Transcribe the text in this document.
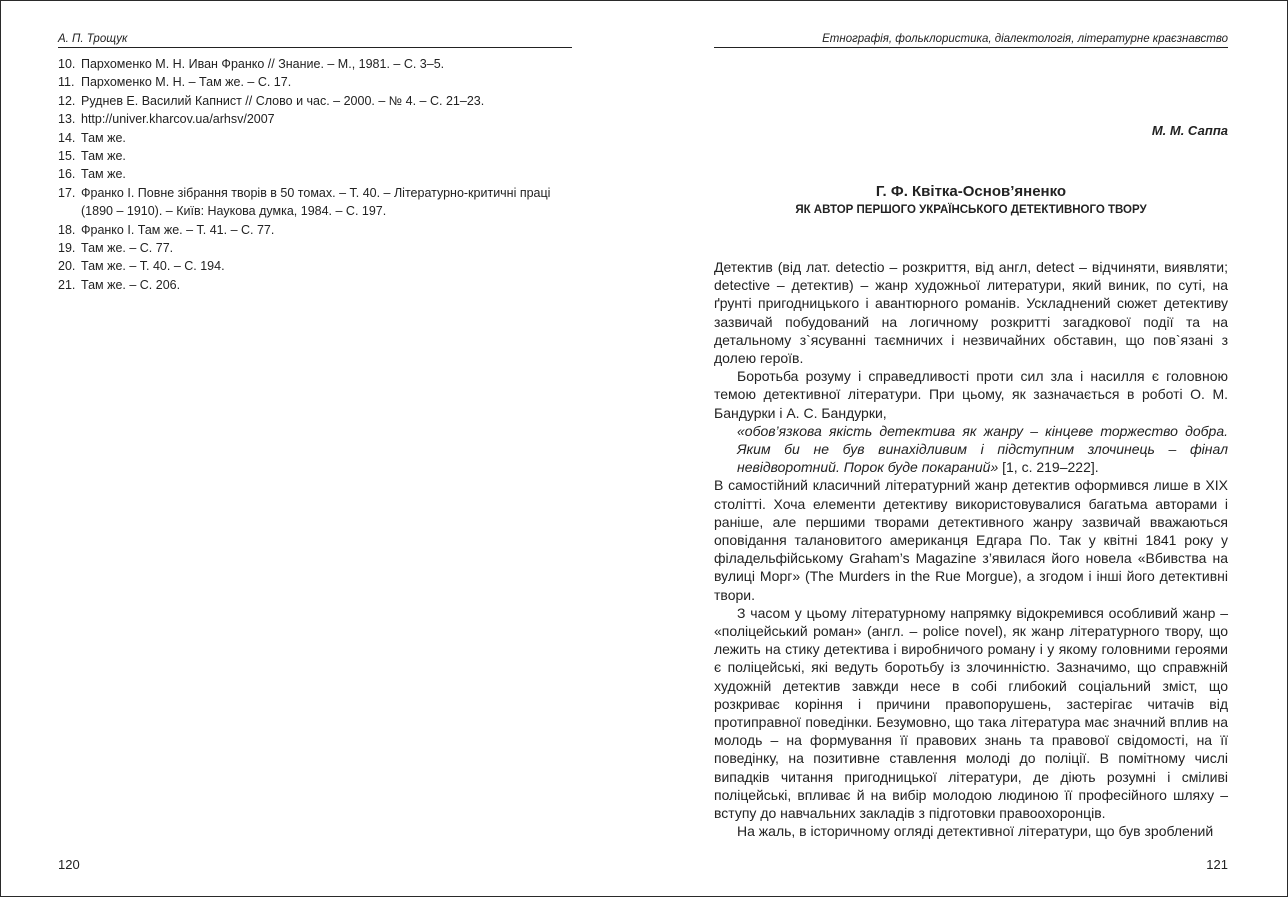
А. П. Трощук	Етнографія, фольклористика, діалектологія, літературне краєзнавство
10. Пархоменко М. Н. Иван Франко // Знание. – М., 1981. – С. 3–5.
11. Пархоменко М. Н. – Там же. – С. 17.
12. Руднев Е. Василий Капнист // Слово и час. – 2000. – № 4. – С. 21–23.
13. http://univer.kharcov.ua/arhsv/2007
14. Там же.
15. Там же.
16. Там же.
17. Франко І. Повне зібрання творів в 50 томах. – Т. 40. – Літературно-критичні праці (1890 – 1910). – Київ: Наукова думка, 1984. – С. 197.
18. Франко І. Там же. – Т. 41. – С. 77.
19. Там же. – С. 77.
20. Там же. – Т. 40. – С. 194.
21. Там же. – С. 206.
120	121
М. М. Саппа
Г. Ф. Квітка-Основ’яненко
ЯК АВТОР ПЕРШОГО УКРАЇНСЬКОГО ДЕТЕКТИВНОГО ТВОРУ

Детектив (від лат. detectio – розкриття, від англ, detect – відчиняти, виявляти; detective – детектив) – жанр художньої литератури, який виник, по суті, на ґрунті пригодницького і авантюрного романів. Ускладнений сюжет детективу зазвичай побудований на логичному розкритті загадкової події та на детальному з`ясуванні таємничих і незвичайних обставин, що пов`язані з долею героїв.

Боротьба розуму і справедливості проти сил зла і насилля є головною темою детективної літератури. При цьому, як зазначається в роботі О. М. Бандурки і А. С. Бандурки,

«обов’язкова якість детектива як жанру – кінцеве торжество добра. Яким би не був винахідливим і підступним злочинець – фінал невідворотний. Порок буде покараний» [1, с. 219–222].

В самостійний класичний літературний жанр детектив оформився лише в XIX столітті. Хоча елементи детективу використовувалися багатьма авторами і раніше, але першими творами детективного жанру зазвичай вважаються оповідання талановитого американця Едгара По. Так у квітні 1841 року у філадельфійському Graham’s Magazine з’явилася його новела «Вбивства на вулиці Морг» (The Murders in the Rue Morgue), а згодом і інші його детективні твори.

З часом у цьому літературному напрямку відокремився особливий жанр – «поліцейський роман» (англ. – police novel), як жанр літературного твору, що лежить на стику детектива і виробничого роману і у якому головними героями є поліцейські, які ведуть боротьбу із злочинністю. Зазначимо, що справжній художній детектив завжди несе в собі глибокий соціальний зміст, що розкриває коріння і причини правопорушень, застерігає читачів від протиправної поведінки. Безумовно, що така література має значний вплив на молодь – на формування її правових знань та правової свідомості, на її поведінку, на позитивне ставлення молоді до поліції. В помітному числі випадків читання пригодницької літератури, де діють розумні і сміливі поліцейські, впливає й на вибір молодою людиною її професійного шляху – вступу до навчальних закладів з підготовки правоохоронців.

На жаль, в історичному огляді детективної літератури, що був зроблений
